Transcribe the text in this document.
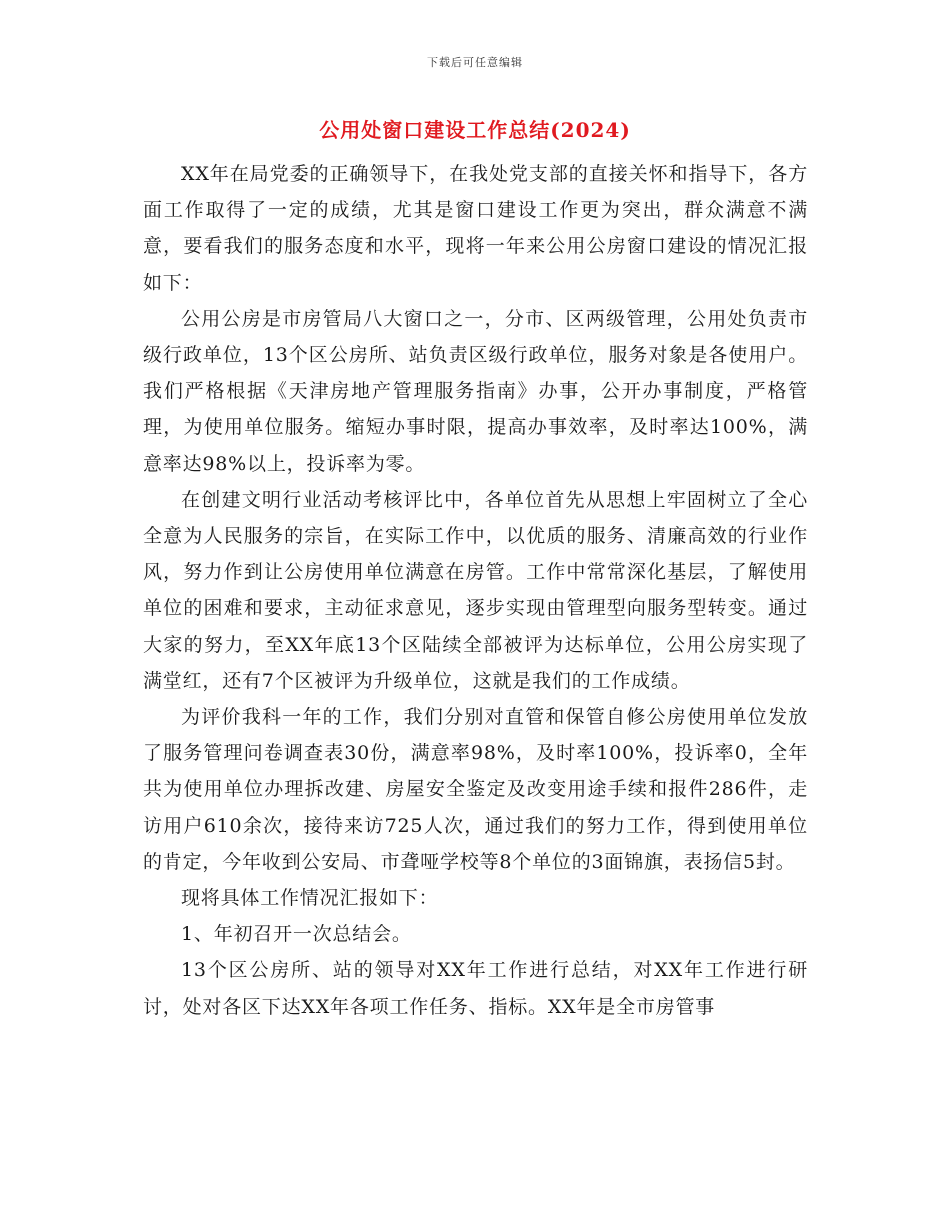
下载后可任意编辑
公用处窗口建设工作总结(2024)

XX年在局党委的正确领导下，在我处党支部的直接关怀和指导下，各方面工作取得了一定的成绩，尤其是窗口建设工作更为突出，群众满意不满意，要看我们的服务态度和水平，现将一年来公用公房窗口建设的情况汇报如下：

公用公房是市房管局八大窗口之一，分市、区两级管理，公用处负责市级行政单位，13个区公房所、站负责区级行政单位，服务对象是各使用户。我们严格根据《天津房地产管理服务指南》办事，公开办事制度，严格管理，为使用单位服务。缩短办事时限，提高办事效率，及时率达100%，满意率达98%以上，投诉率为零。

在创建文明行业活动考核评比中，各单位首先从思想上牢固树立了全心全意为人民服务的宗旨，在实际工作中，以优质的服务、清廉高效的行业作风，努力作到让公房使用单位满意在房管。工作中常常深化基层，了解使用单位的困难和要求，主动征求意见，逐步实现由管理型向服务型转变。通过大家的努力，至XX年底13个区陆续全部被评为达标单位，公用公房实现了满堂红，还有7个区被评为升级单位，这就是我们的工作成绩。

为评价我科一年的工作，我们分别对直管和保管自修公房使用单位发放了服务管理问卷调查表30份，满意率98%，及时率100%，投诉率0，全年共为使用单位办理拆改建、房屋安全鉴定及改变用途手续和报件286件，走访用户610余次，接待来访725人次，通过我们的努力工作，得到使用单位的肯定，今年收到公安局、市聋哑学校等8个单位的3面锦旗，表扬信5封。

现将具体工作情况汇报如下：

1、年初召开一次总结会。

13个区公房所、站的领导对XX年工作进行总结，对XX年工作进行研讨，处对各区下达XX年各项工作任务、指标。XX年是全市房管事
